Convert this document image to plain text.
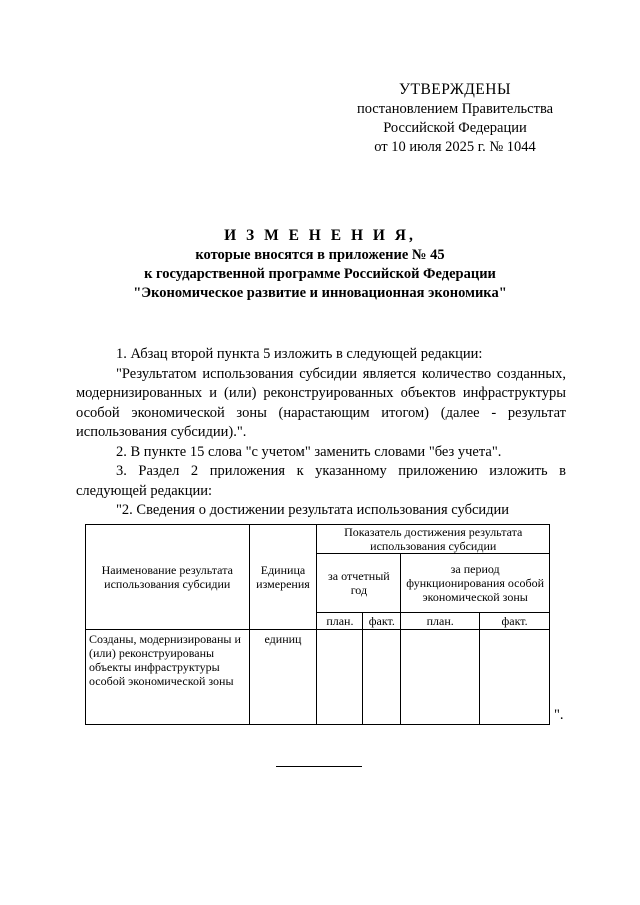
УТВЕРЖДЕНЫ
постановлением Правительства
Российской Федерации
от 10 июля 2025 г. № 1044
И З М Е Н Е Н И Я,
которые вносятся в приложение № 45
к государственной программе Российской Федерации
"Экономическое развитие и инновационная экономика"

1. Абзац второй пункта 5 изложить в следующей редакции:

"Результатом использования субсидии является количество созданных, модернизированных и (или) реконструированных объектов инфраструктуры особой экономической зоны (нарастающим итогом) (далее - результат использования субсидии).".

2. В пункте 15 слова "с учетом" заменить словами "без учета".

3. Раздел 2 приложения к указанному приложению изложить в следующей редакции:

"2. Сведения о достижении результата использования субсидии

Наименование результата использования субсидии	Единица измерения	Показатель достижения результата использования субсидии			
		за отчетный год		за период функционирования особой экономической зоны	
		план.	факт.	план.	факт.
Созданы, модернизированы и (или) реконструированы объекты инфраструктуры особой экономической зоны	единиц				
".
